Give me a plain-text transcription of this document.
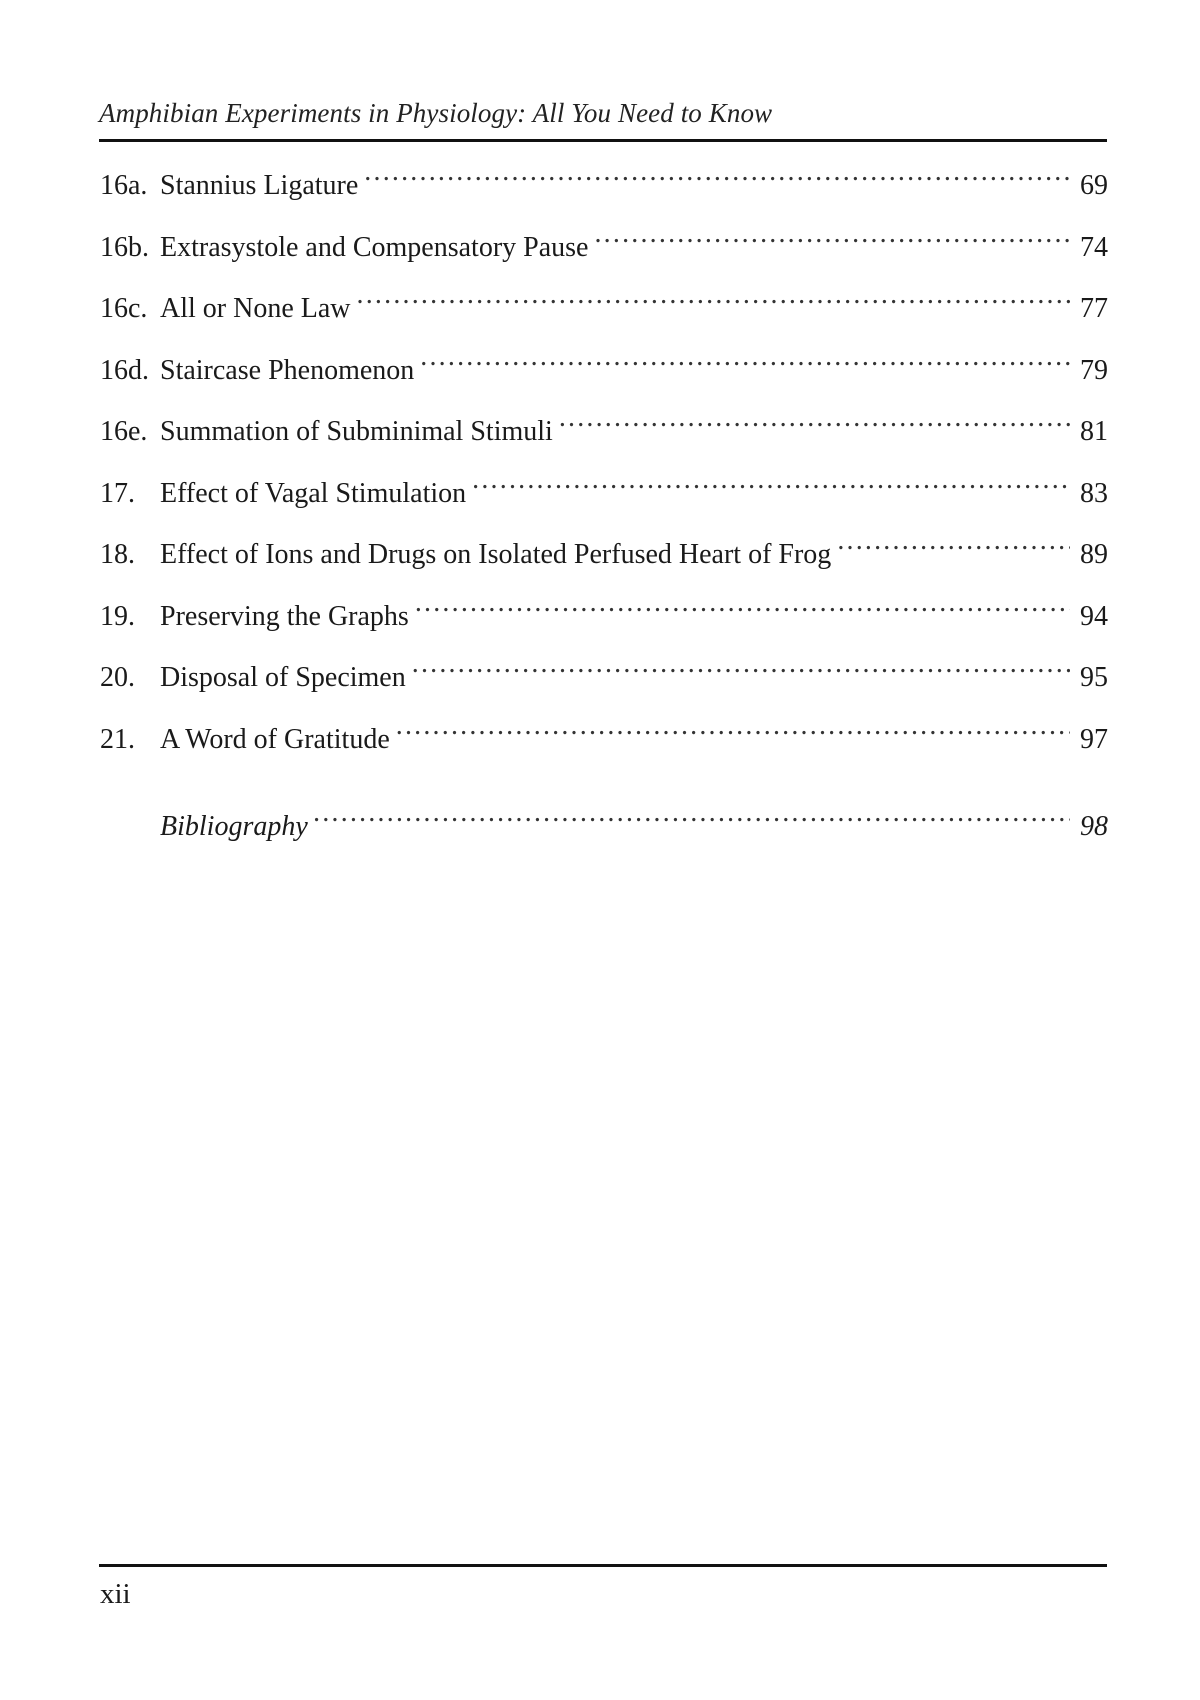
Amphibian Experiments in Physiology: All You Need to Know
16a. Stannius Ligature .....	69
16b. Extrasystole and Compensatory Pause .....	74
16c. All or None Law .....	77
16d. Staircase Phenomenon .....	79
16e. Summation of Subminimal Stimuli .....	81
17. Effect of Vagal Stimulation .....	83
18. Effect of Ions and Drugs on Isolated Perfused Heart of Frog .....	89
19. Preserving the Graphs .....	94
20. Disposal of Specimen .....	95
21. A Word of Gratitude .....	97
Bibliography .....	98
xii
